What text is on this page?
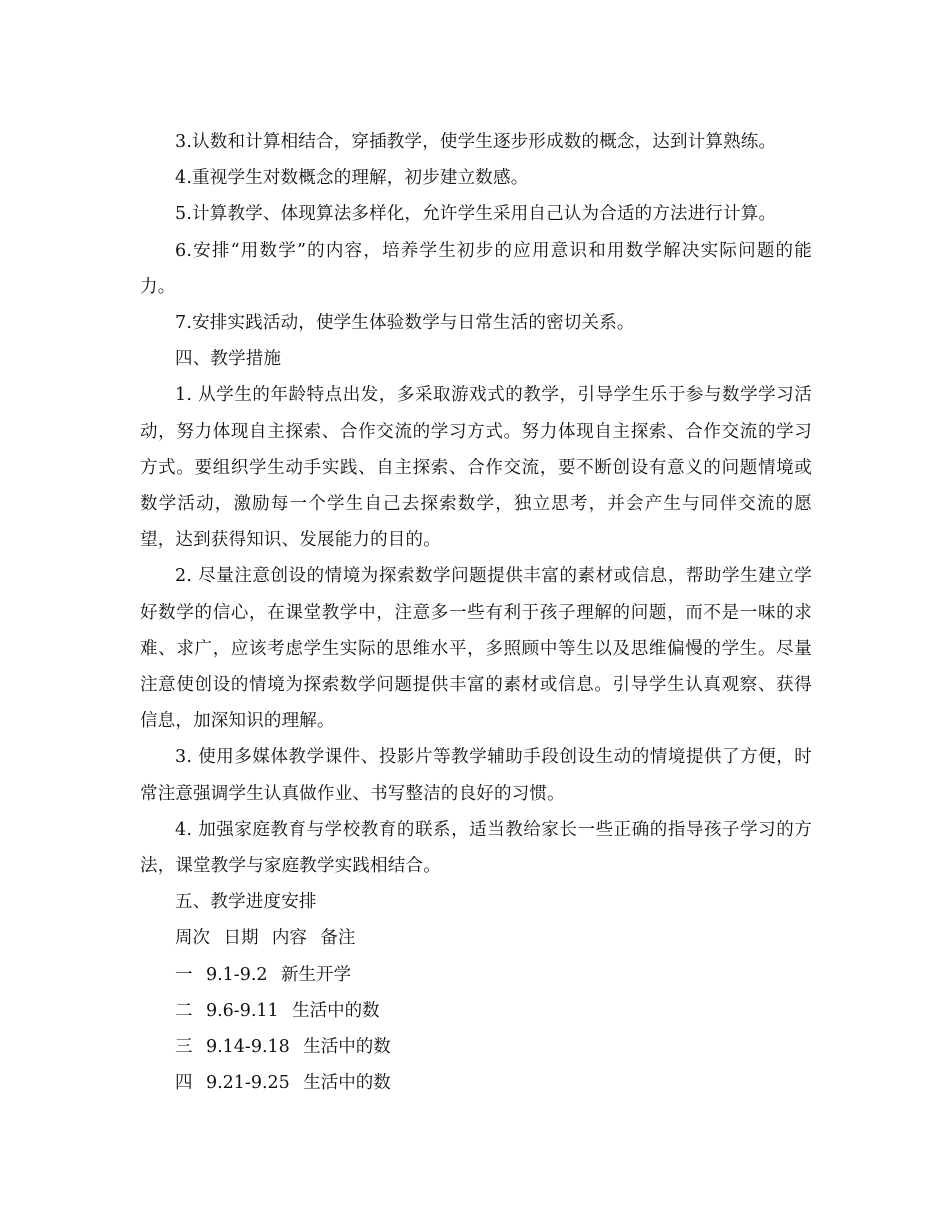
3.认数和计算相结合，穿插教学，使学生逐步形成数的概念，达到计算熟练。

4.重视学生对数概念的理解，初步建立数感。

5.计算教学、体现算法多样化，允许学生采用自己认为合适的方法进行计算。

6.安排“用数学”的内容，培养学生初步的应用意识和用数学解决实际问题的能力。

7.安排实践活动，使学生体验数学与日常生活的密切关系。

四、教学措施

1. 从学生的年龄特点出发，多采取游戏式的教学，引导学生乐于参与数学学习活动，努力体现自主探索、合作交流的学习方式。努力体现自主探索、合作交流的学习方式。要组织学生动手实践、自主探索、合作交流，要不断创设有意义的问题情境或数学活动，激励每一个学生自己去探索数学，独立思考，并会产生与同伴交流的愿望，达到获得知识、发展能力的目的。

2. 尽量注意创设的情境为探索数学问题提供丰富的素材或信息，帮助学生建立学好数学的信心，在课堂教学中，注意多一些有利于孩子理解的问题，而不是一味的求难、求广，应该考虑学生实际的思维水平，多照顾中等生以及思维偏慢的学生。尽量注意使创设的情境为探索数学问题提供丰富的素材或信息。引导学生认真观察、获得信息，加深知识的理解。

3. 使用多媒体教学课件、投影片等教学辅助手段创设生动的情境提供了方便，时常注意强调学生认真做作业、书写整洁的良好的习惯。

4. 加强家庭教育与学校教育的联系，适当教给家长一些正确的指导孩子学习的方法，课堂教学与家庭教学实践相结合。

五、教学进度安排

周次 日期 内容 备注
一 9.1-9.2 新生开学
二 9.6-9.11 生活中的数
三 9.14-9.18 生活中的数
四 9.21-9.25 生活中的数
